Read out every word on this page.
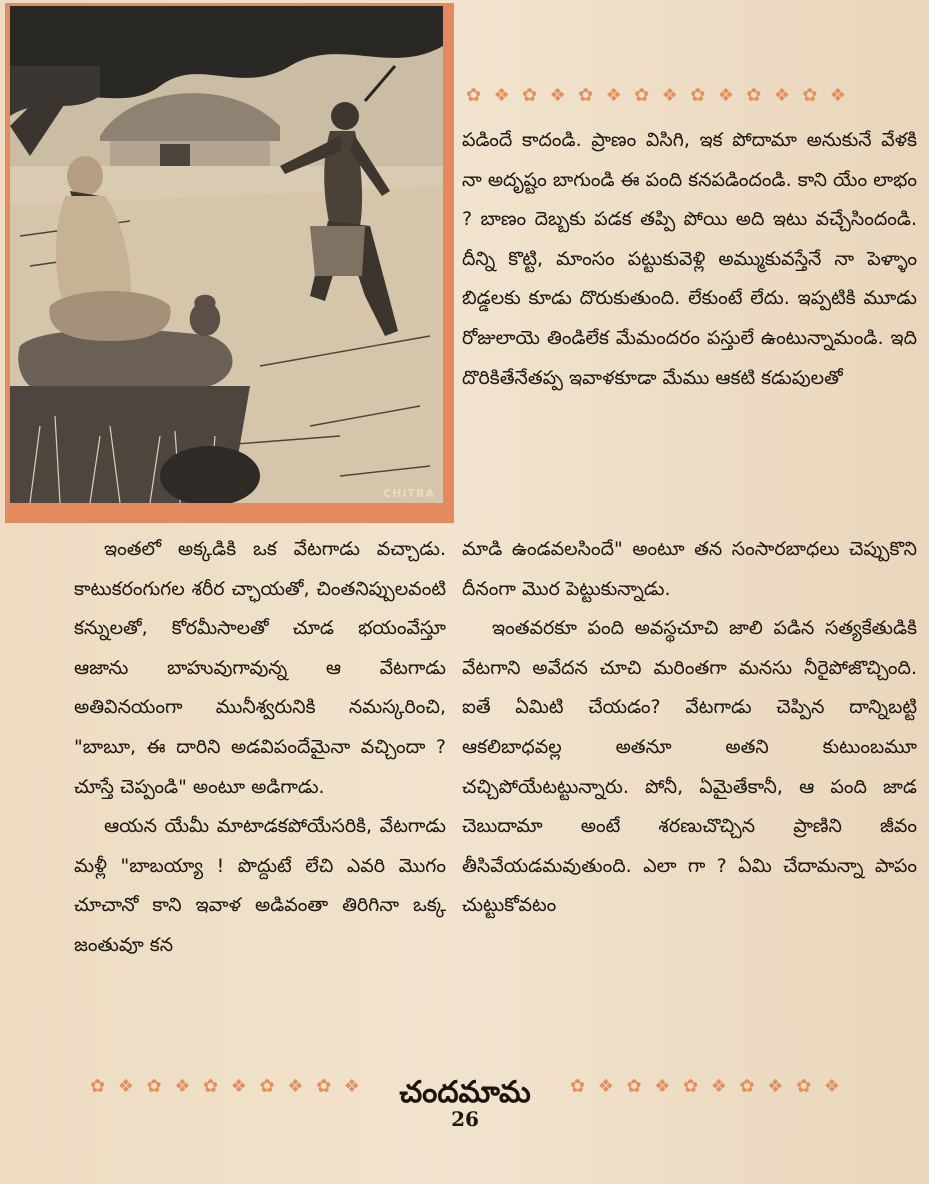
CHITRA
✿ ❖ ✿ ❖ ✿ ❖ ✿ ❖ ✿ ❖ ✿ ❖ ✿ ❖

పడిందే కాదండి. ప్రాణం విసిగి, ఇక పోదామా అనుకునే వేళకి నా అదృష్టం బాగుండి ఈ పంది కనపడిందండి. కాని యేం లాభం ? బాణం దెబ్బకు పడక తప్పి పోయి అది ఇటు వచ్చేసిందండి. దీన్ని కొట్టి, మాంసం పట్టుకువెళ్లి అమ్ముకువస్తేనే నా పెళ్ళాం బిడ్డలకు కూడు దొరుకుతుంది. లేకుంటే లేదు. ఇప్పటికి మూడు రోజులాయె తిండిలేక మేమందరం పస్తులే ఉంటున్నామండి. ఇది దొరికితేనేతప్ప ఇవాళకూడా మేము ఆకటి కడుపులతో

ఇంతలో అక్కడికి ఒక వేటగాడు వచ్చాడు. కాటుకరంగుగల శరీర చ్ఛాయతో, చింతనిప్పులవంటి కన్నులతో, కోరమీసాలతో చూడ భయంవేస్తూ ఆజాను బాహువుగావున్న ఆ వేటగాడు అతివినయంగా మునీశ్వరునికి నమస్కరించి, "బాబూ, ఈ దారిని అడవిపందేమైనా వచ్చిందా ? చూస్తే చెప్పండి" అంటూ అడిగాడు.

ఆయన యేమీ మాటాడకపోయేసరికి, వేటగాడు మళ్లీ "బాబయ్యా ! పొద్దుటే లేచి ఎవరి మొగం చూచానో కాని ఇవాళ అడివంతా తిరిగినా ఒక్క జంతువూ కన

మాడి ఉండవలసిందే" అంటూ తన సంసారబాధలు చెప్పుకొని దీనంగా మొర పెట్టుకున్నాడు.

ఇంతవరకూ పంది అవస్థచూచి జాలి పడిన సత్యకేతుడికి వేటగాని అవేదన చూచి మరింతగా మనసు నీరైపోజొచ్చింది. ఐతే ఏమిటి చేయడం? వేటగాడు చెప్పిన దాన్నిబట్టి ఆకలిబాధవల్ల అతనూ అతని కుటుంబమూ చచ్చిపోయేటట్టున్నారు. పోనీ, ఏమైతేకానీ, ఆ పంది జాడ చెబుదామా అంటే శరణుచొచ్చిన ప్రాణిని జీవం తీసివేయడమవుతుంది. ఎలా గా ? ఏమి చేదామన్నా పాపం చుట్టుకోవటం

✿ ❖ ✿ ❖ ✿ ❖ ✿ ❖ ✿ ❖	✿ ❖ ✿ ❖ ✿ ❖ ✿ ❖ ✿ ❖
చందమామ
26
